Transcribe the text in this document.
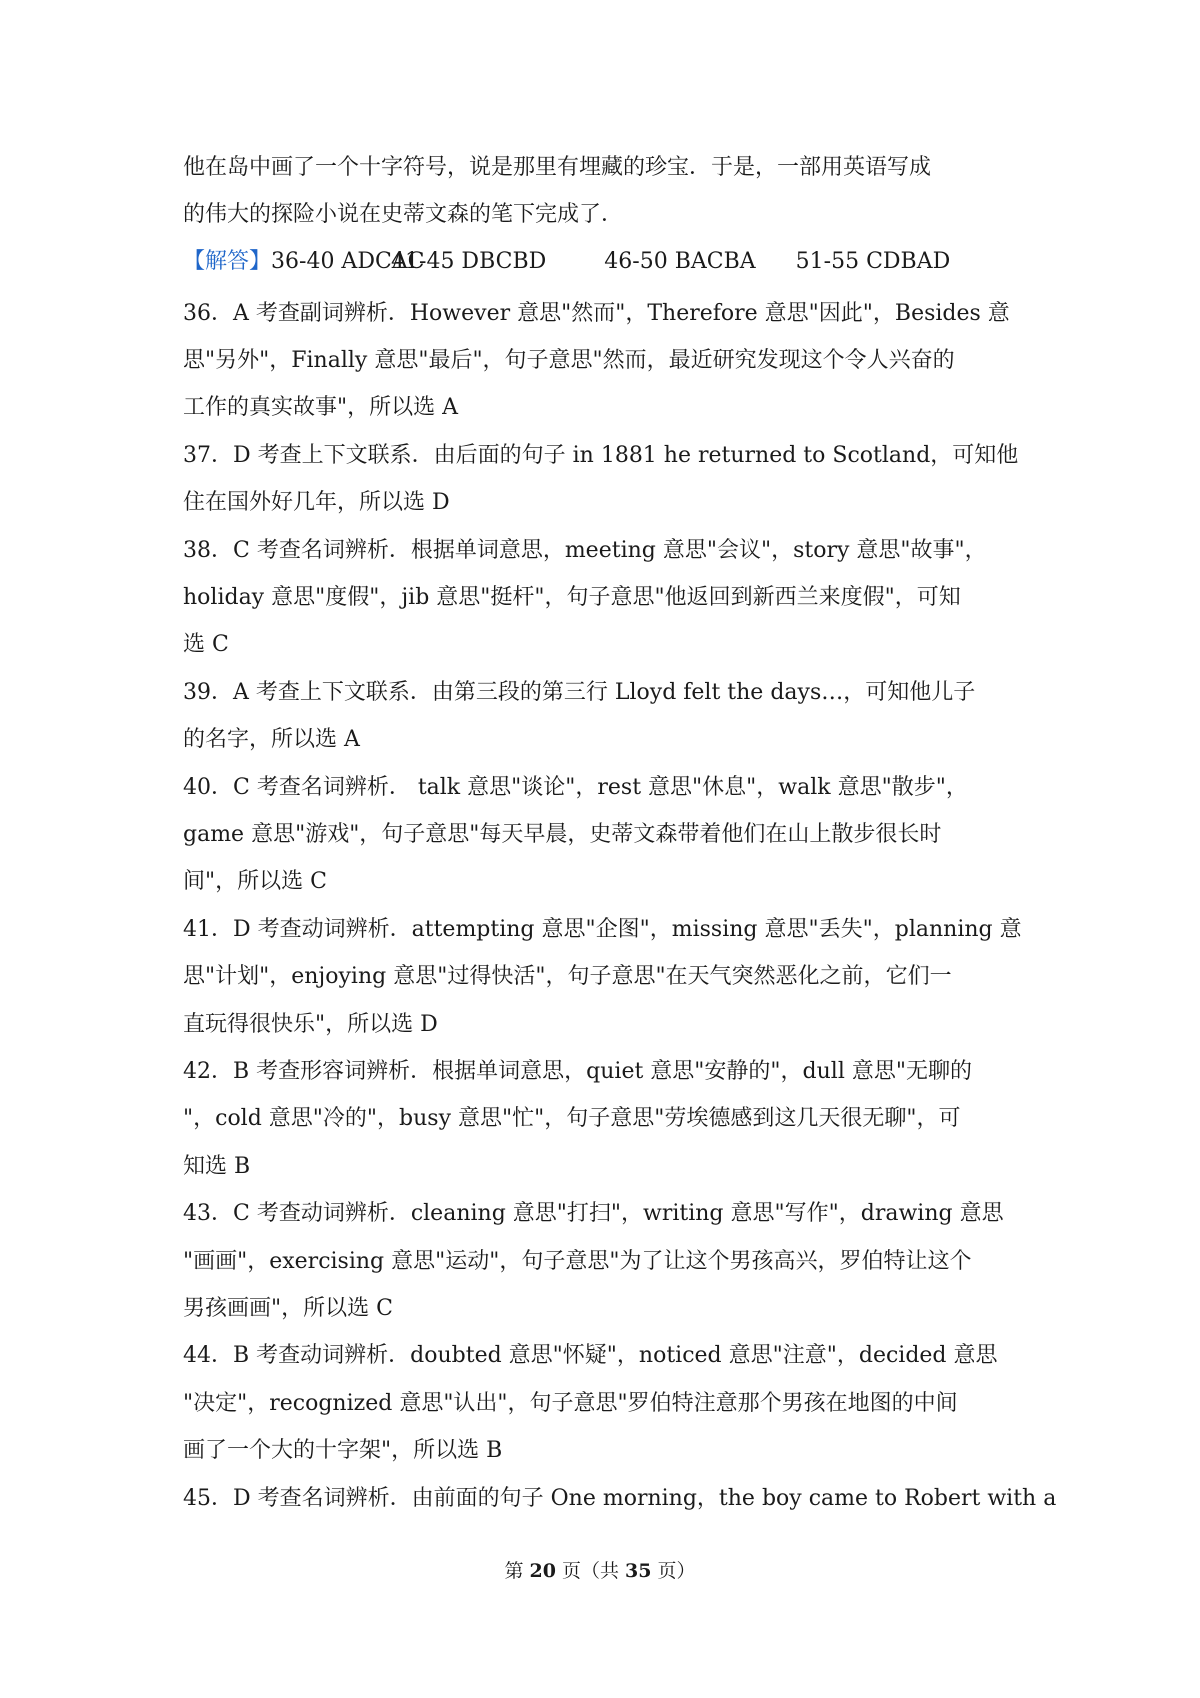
他在岛中画了一个十字符号，说是那里有埋藏的珍宝．于是，一部用英语写成
的伟大的探险小说在史蒂文森的笔下完成了．
【解答】36-40 ADCAC41-45 DBCBD	46-50 BACBA 51-55 CDBAD
36．A 考查副词辨析．However 意思"然而"，Therefore 意思"因此"，Besides 意
思"另外"，Finally 意思"最后"，句子意思"然而，最近研究发现这个令人兴奋的
工作的真实故事"，所以选 A
37．D 考查上下文联系．由后面的句子 in 1881 he returned to Scotland，可知他
住在国外好几年，所以选 D
38．C 考查名词辨析．根据单词意思，meeting 意思"会议"，story 意思"故事"，
holiday 意思"度假"，jib 意思"挺杆"，句子意思"他返回到新西兰来度假"，可知
选 C
39．A 考查上下文联系．由第三段的第三行 Lloyd felt the days…，可知他儿子
的名字，所以选 A
40．C 考查名词辨析． talk 意思"谈论"，rest 意思"休息"，walk 意思"散步"，
game 意思"游戏"，句子意思"每天早晨，史蒂文森带着他们在山上散步很长时
间"，所以选 C
41．D 考查动词辨析．attempting 意思"企图"，missing 意思"丢失"，planning 意
思"计划"，enjoying 意思"过得快活"，句子意思"在天气突然恶化之前，它们一
直玩得很快乐"，所以选 D
42．B 考查形容词辨析．根据单词意思，quiet 意思"安静的"，dull 意思"无聊的
"，cold 意思"冷的"，busy 意思"忙"，句子意思"劳埃德感到这几天很无聊"，可
知选 B
43．C 考查动词辨析．cleaning 意思"打扫"，writing 意思"写作"，drawing 意思
"画画"，exercising 意思"运动"，句子意思"为了让这个男孩高兴，罗伯特让这个
男孩画画"，所以选 C
44．B 考查动词辨析．doubted 意思"怀疑"，noticed 意思"注意"，decided 意思
"决定"，recognized 意思"认出"，句子意思"罗伯特注意那个男孩在地图的中间
画了一个大的十字架"，所以选 B
45．D 考查名词辨析．由前面的句子 One morning，the boy came to Robert with a
第 20 页（共 35 页）
